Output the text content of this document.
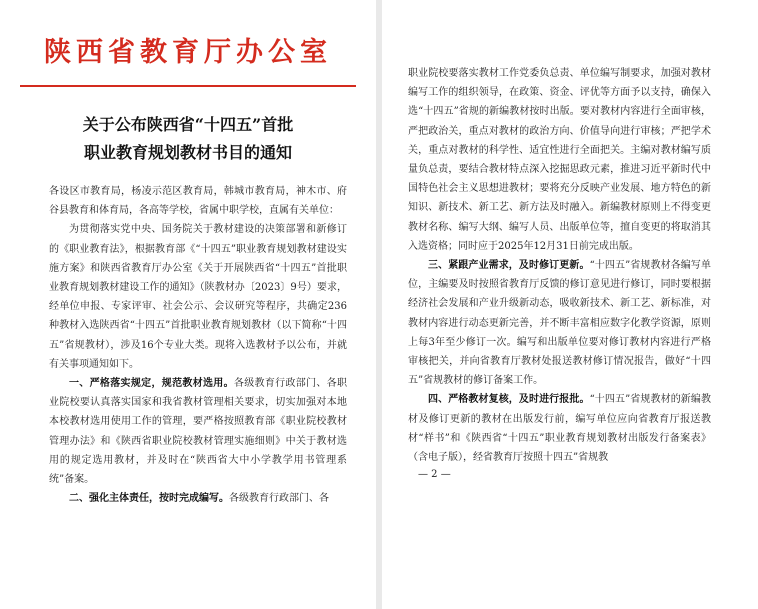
陕西省教育厅办公室
关于公布陕西省“十四五”首批
职业教育规划教材书目的通知

各设区市教育局，杨凌示范区教育局，韩城市教育局，神木市、府谷县教育和体育局，各高等学校，省属中职学校，直属有关单位：

为贯彻落实党中央、国务院关于教材建设的决策部署和新修订的《职业教育法》，根据教育部《“十四五”职业教育规划教材建设实施方案》和陕西省教育厅办公室《关于开展陕西省“十四五”首批职业教育规划教材建设工作的通知》（陕教材办〔2023〕9号）要求，经单位申报、专家评审、社会公示、会议研究等程序，共确定236种教材入选陕西省“十四五”首批职业教育规划教材（以下简称“十四五”省规教材），涉及16个专业大类。现将入选教材予以公布，并就有关事项通知如下。

一、严格落实规定，规范教材选用。各级教育行政部门、各职业院校要认真落实国家和我省教材管理相关要求，切实加强对本地本校教材选用使用工作的管理，要严格按照教育部《职业院校教材管理办法》和《陕西省职业院校教材管理实施细则》中关于教材选用的规定选用教材，并及时在“陕西省大中小学教学用书管理系统”备案。

二、强化主体责任，按时完成编写。各级教育行政部门、各

职业院校要落实教材工作党委负总责、单位编写制要求，加强对教材编写工作的组织领导，在政策、资金、评优等方面予以支持，确保入选“十四五”省规的新编教材按时出版。要对教材内容进行全面审核，严把政治关，重点对教材的政治方向、价值导向进行审核；严把学术关，重点对教材的科学性、适宜性进行全面把关。主编对教材编写质量负总责，要结合教材特点深入挖掘思政元素，推进习近平新时代中国特色社会主义思想进教材；要将充分反映产业发展、地方特色的新知识、新技术、新工艺、新方法及时融入。新编教材原则上不得变更教材名称、编写大纲、编写人员、出版单位等，擅自变更的将取消其入选资格；同时应于2025年12月31日前完成出版。

三、紧跟产业需求，及时修订更新。“十四五”省规教材各编写单位，主编要及时按照省教育厅反馈的修订意见进行修订，同时要根据经济社会发展和产业升级新动态，吸收新技术、新工艺、新标准，对教材内容进行动态更新完善，并不断丰富相应数字化教学资源，原则上每3年至少修订一次。编写和出版单位要对修订教材内容进行严格审核把关，并向省教育厅教材处报送教材修订情况报告，做好“十四五”省规教材的修订备案工作。

四、严格教材复核，及时进行报批。“十四五”省规教材的新编教材及修订更新的教材在出版发行前，编写单位应向省教育厅报送教材“样书”和《陕西省“十四五”职业教育规划教材出版发行备案表》（含电子版），经省教育厅按照十四五”省规教

— 2 —
